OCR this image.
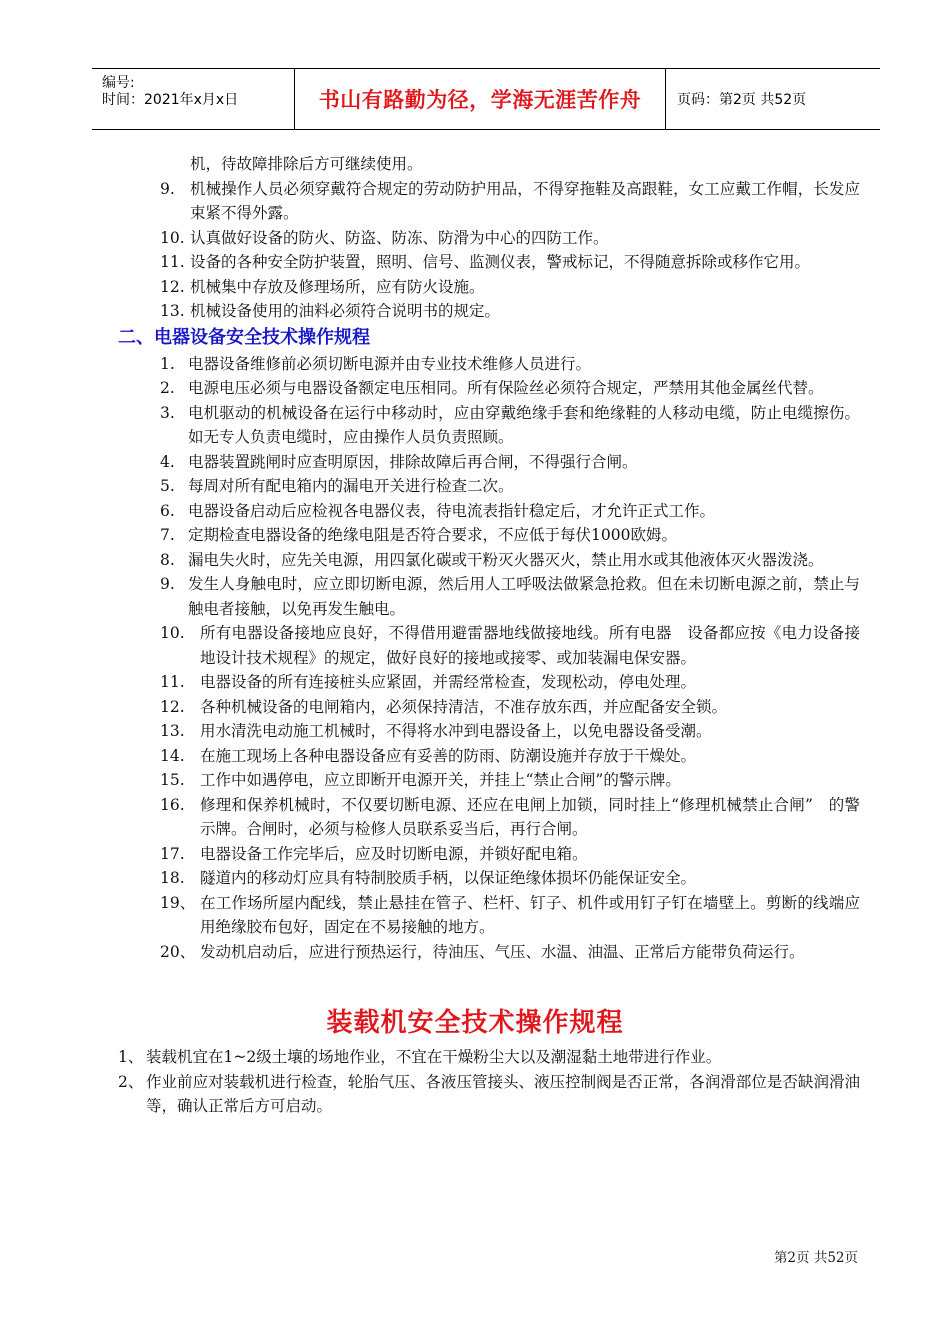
编号:
时间：2021年x月x日	书山有路勤为径，学海无涯苦作舟	页码：第2页 共52页
机，待故障排除后方可继续使用。
9. 机械操作人员必须穿戴符合规定的劳动防护用品，不得穿拖鞋及高跟鞋，女工应戴工作帽，长发应束紧不得外露。
10. 认真做好设备的防火、防盗、防冻、防滑为中心的四防工作。
11. 设备的各种安全防护装置，照明、信号、监测仪表，警戒标记，不得随意拆除或移作它用。
12. 机械集中存放及修理场所，应有防火设施。
13. 机械设备使用的油料必须符合说明书的规定。
二、电器设备安全技术操作规程
1. 电器设备维修前必须切断电源并由专业技术维修人员进行。
2. 电源电压必须与电器设备额定电压相同。所有保险丝必须符合规定，严禁用其他金属丝代替。
3. 电机驱动的机械设备在运行中移动时，应由穿戴绝缘手套和绝缘鞋的人移动电缆，防止电缆擦伤。如无专人负责电缆时，应由操作人员负责照顾。
4. 电器装置跳闸时应查明原因，排除故障后再合闸，不得强行合闸。
5. 每周对所有配电箱内的漏电开关进行检查二次。
6. 电器设备启动后应检视各电器仪表，待电流表指针稳定后，才允许正式工作。
7. 定期检查电器设备的绝缘电阻是否符合要求，不应低于每伏1000欧姆。
8. 漏电失火时，应先关电源，用四氯化碳或干粉灭火器灭火，禁止用水或其他液体灭火器泼浇。
9. 发生人身触电时，应立即切断电源，然后用人工呼吸法做紧急抢救。但在未切断电源之前，禁止与触电者接触，以免再发生触电。
10. 所有电器设备接地应良好，不得借用避雷器地线做接地线。所有电器　设备都应按《电力设备接地设计技术规程》的规定，做好良好的接地或接零、或加装漏电保安器。
11. 电器设备的所有连接桩头应紧固，并需经常检查，发现松动，停电处理。
12. 各种机械设备的电闸箱内，必须保持清洁，不准存放东西，并应配备安全锁。
13. 用水清洗电动施工机械时，不得将水冲到电器设备上，以免电器设备受潮。
14. 在施工现场上各种电器设备应有妥善的防雨、防潮设施并存放于干燥处。
15. 工作中如遇停电，应立即断开电源开关，并挂上“禁止合闸”的警示牌。
16. 修理和保养机械时，不仅要切断电源、还应在电闸上加锁，同时挂上“修理机械禁止合闸”　的警示牌。合闸时，必须与检修人员联系妥当后，再行合闸。
17. 电器设备工作完毕后，应及时切断电源，并锁好配电箱。
18. 隧道内的移动灯应具有特制胶质手柄，以保证绝缘体损坏仍能保证安全。
19、 在工作场所屋内配线，禁止悬挂在管子、栏杆、钉子、机件或用钉子钉在墙壁上。剪断的线端应用绝缘胶布包好，固定在不易接触的地方。
20、 发动机启动后，应进行预热运行，待油压、气压、水温、油温、正常后方能带负荷运行。
装载机安全技术操作规程
1、 装载机宜在1~2级土壤的场地作业，不宜在干燥粉尘大以及潮湿黏土地带进行作业。
2、 作业前应对装载机进行检查，轮胎气压、各液压管接头、液压控制阀是否正常，各润滑部位是否缺润滑油等，确认正常后方可启动。
第2页 共52页
